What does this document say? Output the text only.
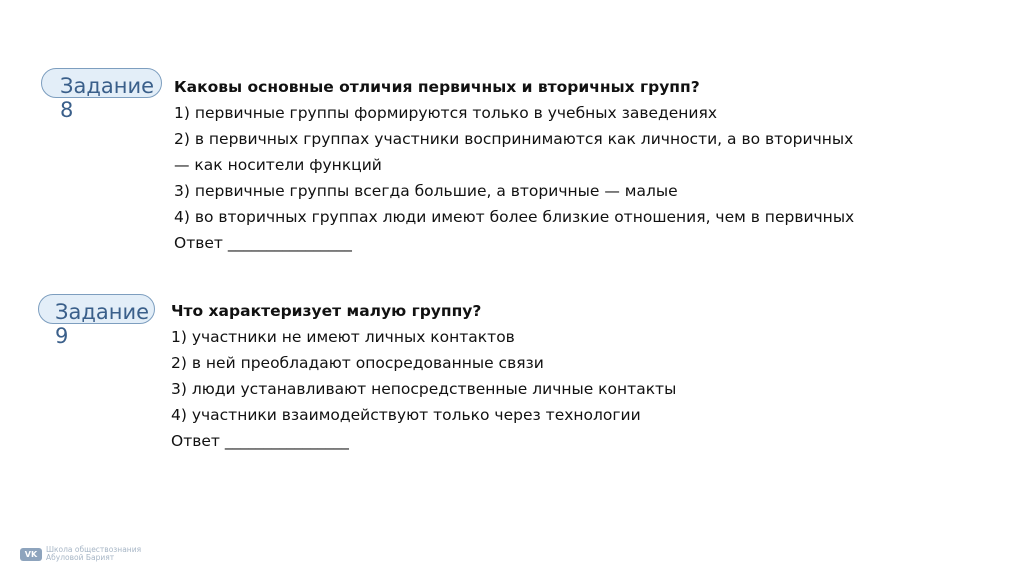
Задание 8

Каковы основные отличия первичных и вторичных групп?

1) первичные группы формируются только в учебных заведениях

2) в первичных группах участники воспринимаются как личности, а во вторичных

— как носители функций

3) первичные группы всегда большие, а вторичные — малые

4) во вторичных группах люди имеют более близкие отношения, чем в первичных

Ответ ________________

Задание 9

Что характеризует малую группу?

1) участники не имеют личных контактов

2) в ней преобладают опосредованные связи

3) люди устанавливают непосредственные личные контакты

4) участники взаимодействуют только через технологии

Ответ ________________

VK	Школа обществознания
Абуловой Барият
